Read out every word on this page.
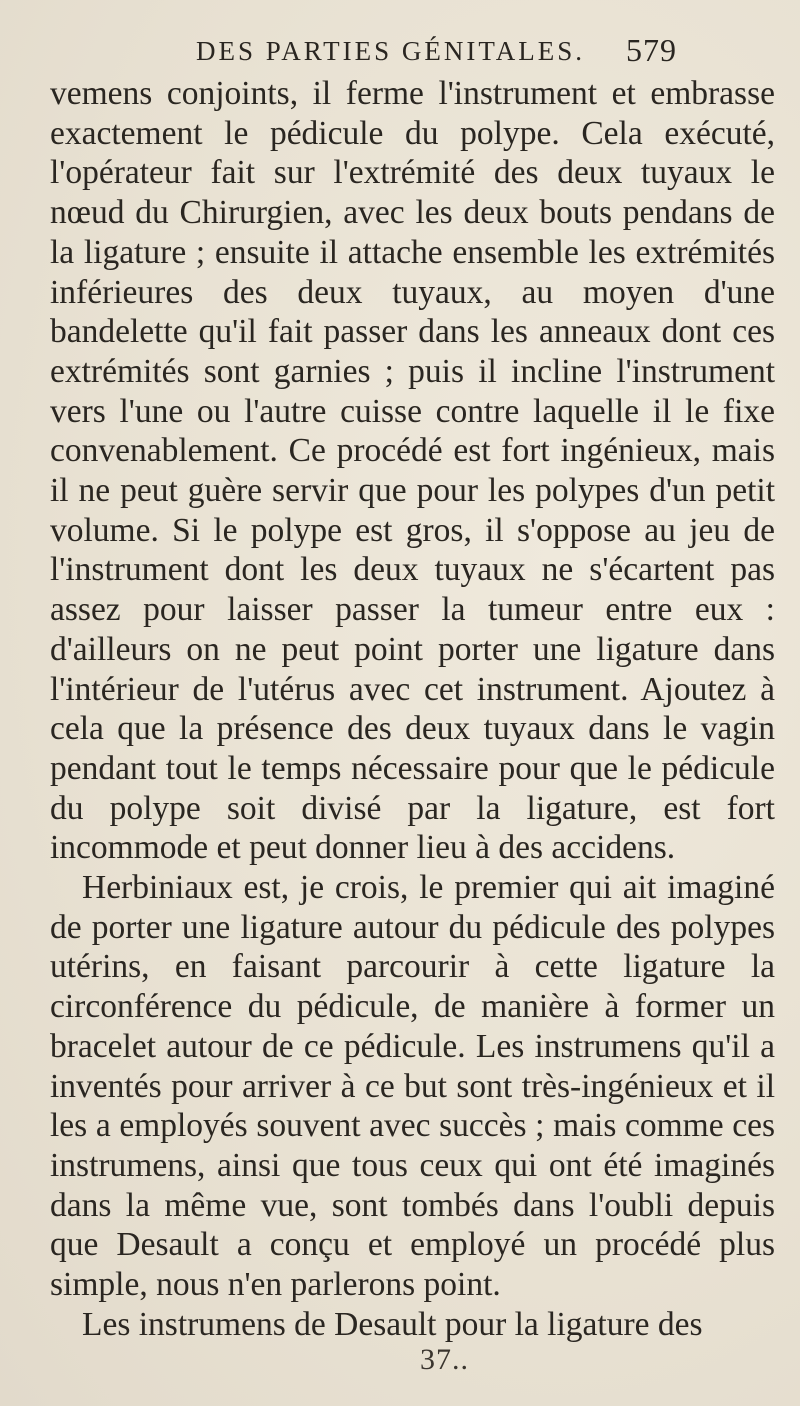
DES PARTIES GÉNITALES. 579

vemens conjoints, il ferme l'instrument et embrasse exactement le pédicule du polype. Cela exécuté, l'opérateur fait sur l'extrémité des deux tuyaux le nœud du Chirurgien, avec les deux bouts pendans de la ligature ; ensuite il attache ensemble les extrémités inférieures des deux tuyaux, au moyen d'une bandelette qu'il fait passer dans les anneaux dont ces extrémités sont garnies ; puis il incline l'instrument vers l'une ou l'autre cuisse contre laquelle il le fixe convenablement. Ce procédé est fort ingénieux, mais il ne peut guère servir que pour les polypes d'un petit volume. Si le polype est gros, il s'oppose au jeu de l'instrument dont les deux tuyaux ne s'écartent pas assez pour laisser passer la tumeur entre eux : d'ailleurs on ne peut point porter une ligature dans l'intérieur de l'utérus avec cet instrument. Ajoutez à cela que la présence des deux tuyaux dans le vagin pendant tout le temps nécessaire pour que le pédicule du polype soit divisé par la ligature, est fort incommode et peut donner lieu à des accidens.

Herbiniaux est, je crois, le premier qui ait imaginé de porter une ligature autour du pédicule des polypes utérins, en faisant parcourir à cette ligature la circonférence du pédicule, de manière à former un bracelet autour de ce pédicule. Les instrumens qu'il a inventés pour arriver à ce but sont très-ingénieux et il les a employés souvent avec succès ; mais comme ces instrumens, ainsi que tous ceux qui ont été imaginés dans la même vue, sont tombés dans l'oubli depuis que Desault a conçu et employé un procédé plus simple, nous n'en parlerons point.

Les instrumens de Desault pour la ligature des

37..
